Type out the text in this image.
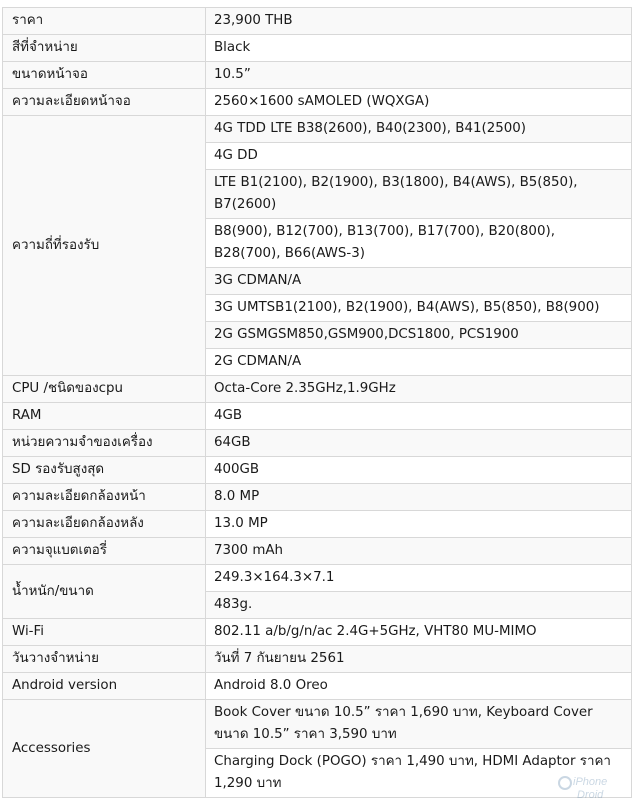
ราคา	23,900 THB
สีที่จำหน่าย	Black
ขนาดหน้าจอ	10.5”
ความละเอียดหน้าจอ	2560×1600 sAMOLED (WQXGA)
ความถี่ที่รองรับ	4G TDD LTE B38(2600), B40(2300), B41(2500)
	4G DD
	LTE B1(2100), B2(1900), B3(1800), B4(AWS), B5(850), B7(2600)
	B8(900), B12(700), B13(700), B17(700), B20(800), B28(700), B66(AWS-3)
	3G CDMAN/A
	3G UMTSB1(2100), B2(1900), B4(AWS), B5(850), B8(900)
	2G GSMGSM850,GSM900,DCS1800, PCS1900
	2G CDMAN/A
CPU /ชนิดของcpu	Octa-Core 2.35GHz,1.9GHz
RAM	4GB
หน่วยความจำของเครื่อง	64GB
SD รองรับสูงสุด	400GB
ความละเอียดกล้องหน้า	8.0 MP
ความละเอียดกล้องหลัง	13.0 MP
ความจุแบตเตอรี่	7300 mAh
น้ำหนัก/ขนาด	249.3×164.3×7.1
	483g.
Wi-Fi	802.11 a/b/g/n/ac 2.4G+5GHz, VHT80 MU-MIMO
วันวางจำหน่าย	วันที่ 7 กันยายน 2561
Android version	Android 8.0 Oreo
Accessories	Book Cover ขนาด 10.5” ราคา 1,690 บาท, Keyboard Cover ขนาด 10.5” ราคา 3,590 บาท
	Charging Dock (POGO) ราคา 1,490 บาท, HDMI Adaptor ราคา 1,290 บาท	iPhone
Droid
